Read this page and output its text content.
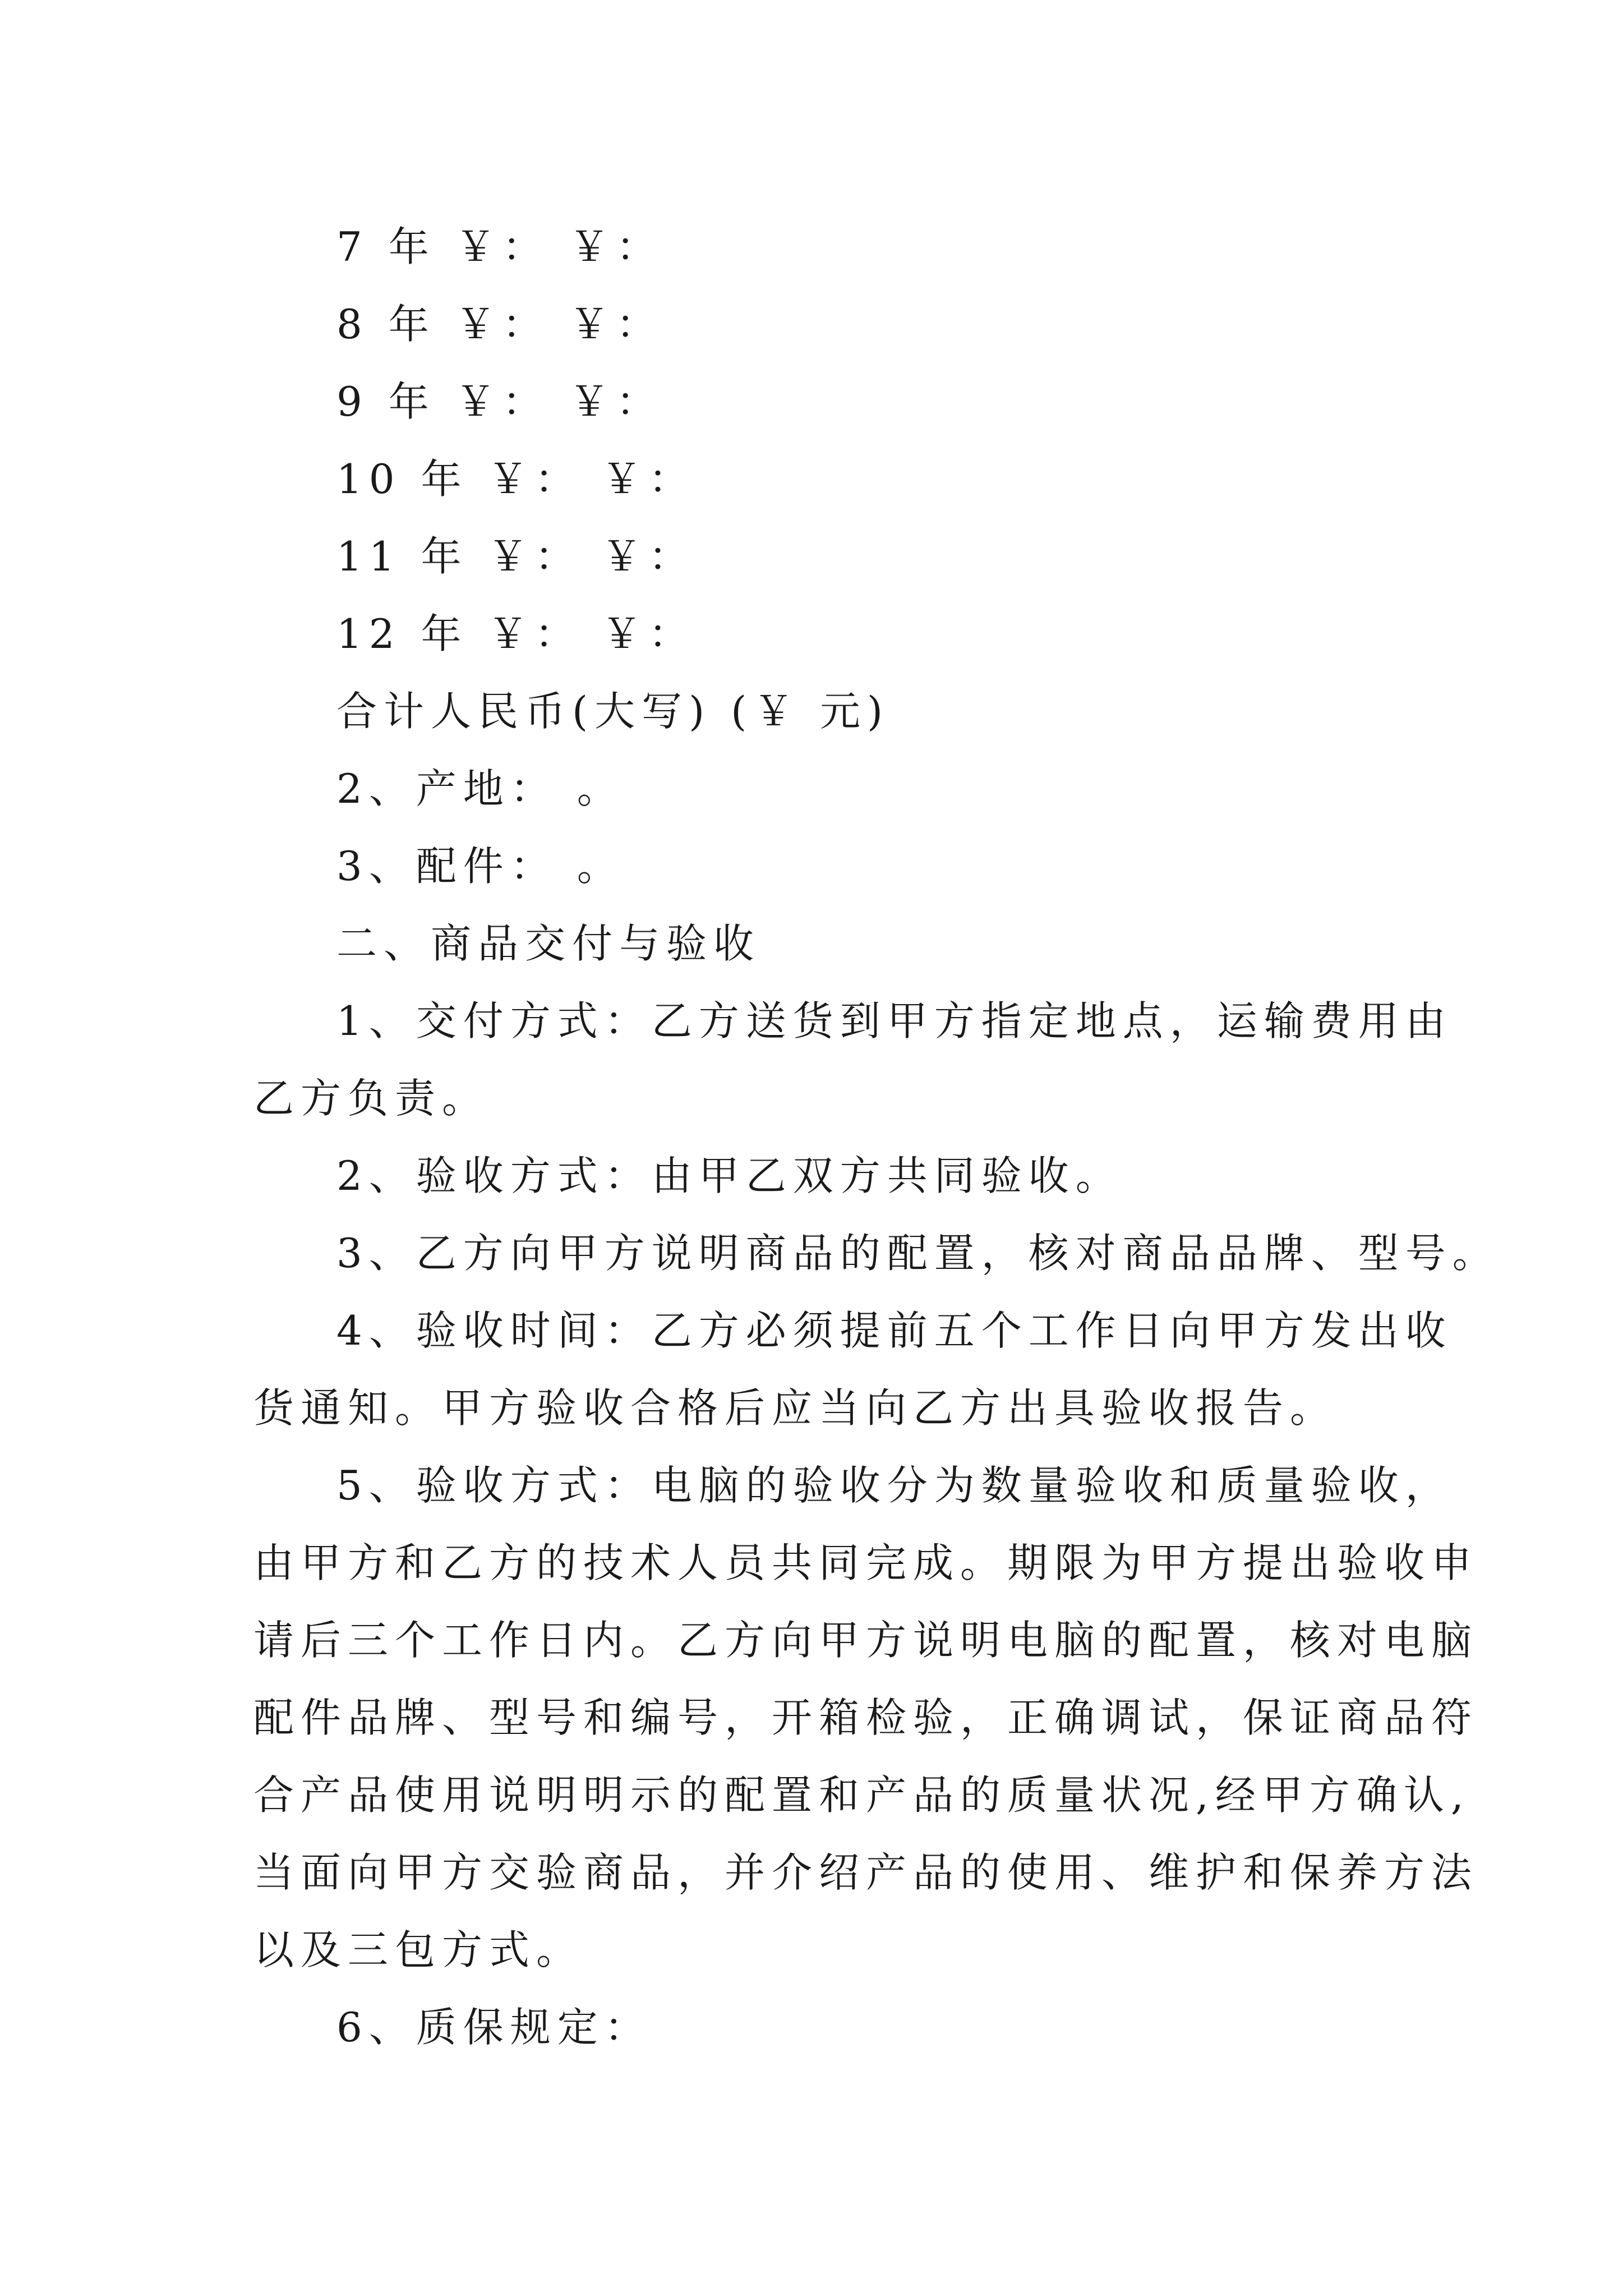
7 年 ￥： ￥：
8 年 ￥： ￥：
9 年 ￥： ￥：
10 年 ￥： ￥：
11 年 ￥： ￥：
12 年 ￥： ￥：
合计人民币(大写) (￥ 元)
2、产地： 。
3、配件： 。
二、商品交付与验收
1、交付方式：乙方送货到甲方指定地点，运输费用由
乙方负责。
2、验收方式：由甲乙双方共同验收。
3、乙方向甲方说明商品的配置，核对商品品牌、型号。
4、验收时间：乙方必须提前五个工作日向甲方发出收
货通知。甲方验收合格后应当向乙方出具验收报告。
5、验收方式：电脑的验收分为数量验收和质量验收，
由甲方和乙方的技术人员共同完成。期限为甲方提出验收申
请后三个工作日内。乙方向甲方说明电脑的配置，核对电脑
配件品牌、型号和编号，开箱检验，正确调试，保证商品符
合产品使用说明明示的配置和产品的质量状况,经甲方确认,
当面向甲方交验商品，并介绍产品的使用、维护和保养方法
以及三包方式。
6、质保规定：
